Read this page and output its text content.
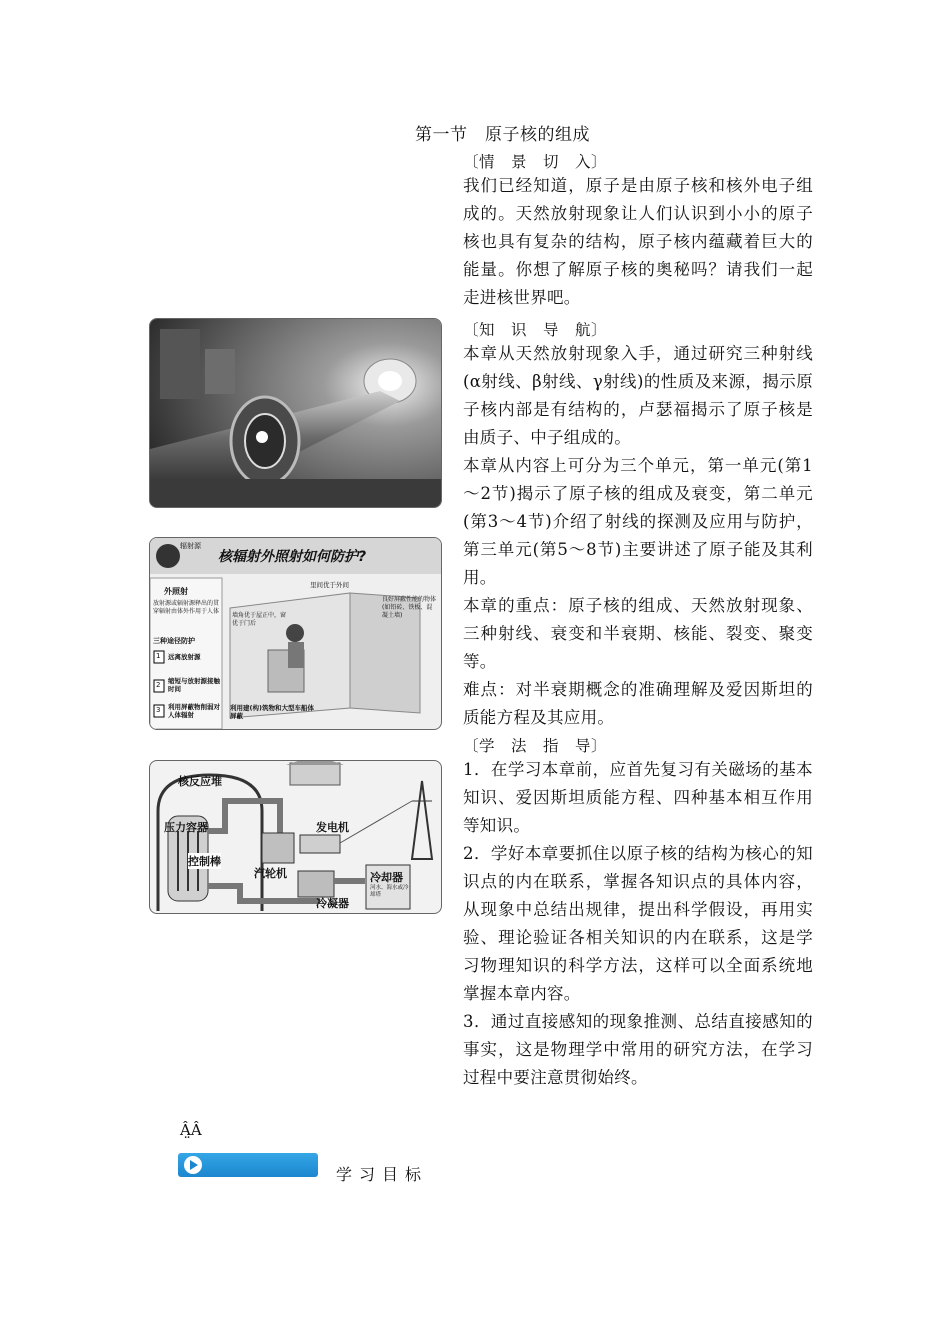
第一节　原子核的组成
〔情　景　切　入〕
我们已经知道，原子是由原子核和核外电子组成的。天然放射现象让人们认识到小小的原子核也具有复杂的结构，原子核内蕴藏着巨大的能量。你想了解原子核的奥秘吗？请我们一起走进核世界吧。
〔知　识　导　航〕
本章从天然放射现象入手，通过研究三种射线(α射线、β射线、γ射线)的性质及来源，揭示原子核内部是有结构的，卢瑟福揭示了原子核是由质子、中子组成的。
本章从内容上可分为三个单元，第一单元(第1～2节)揭示了原子核的组成及衰变，第二单元(第3～4节)介绍了射线的探测及应用与防护，第三单元(第5～8节)主要讲述了原子能及其利用。
本章的重点：原子核的组成、天然放射现象、三种射线、衰变和半衰期、核能、裂变、聚变等。
难点：对半衰期概念的准确理解及爱因斯坦的质能方程及其应用。
〔学　法　指　导〕
1．在学习本章前，应首先复习有关磁场的基本知识、爱因斯坦质能方程、四种基本相互作用等知识。
2．学好本章要抓住以原子核的结构为核心的知识点的内在联系，掌握各知识点的具体内容，从现象中总结出规律，提出科学假设，再用实验、理论验证各相关知识的内在联系，这是学习物理知识的科学方法，这样可以全面系统地掌握本章内容。
3．通过直接感知的现象推测、总结直接感知的事实，这是物理学中常用的研究方法，在学习过程中要注意贯彻始终。
辐射源
核辐射外照射如何防护?
外照射
放射源或辐射源释出的贯穿辐射由体外作用于人体
三种途径防护
1 远离放射源
2 缩短与放射源接触时间
3 利用屏蔽物削弱对人体辐射
里间优于外间
墙角优于屋正中，窗优于门后
良好屏蔽性能的物体(如铅砖、铁板、混凝土墙)
利用建(构)筑物和大型车船体屏蔽
核反应堆
压力容器
控制棒
汽轮机
发电机
冷凝器
冷却器
河水、海水或冷却塔
Â̤Â
学习目标
